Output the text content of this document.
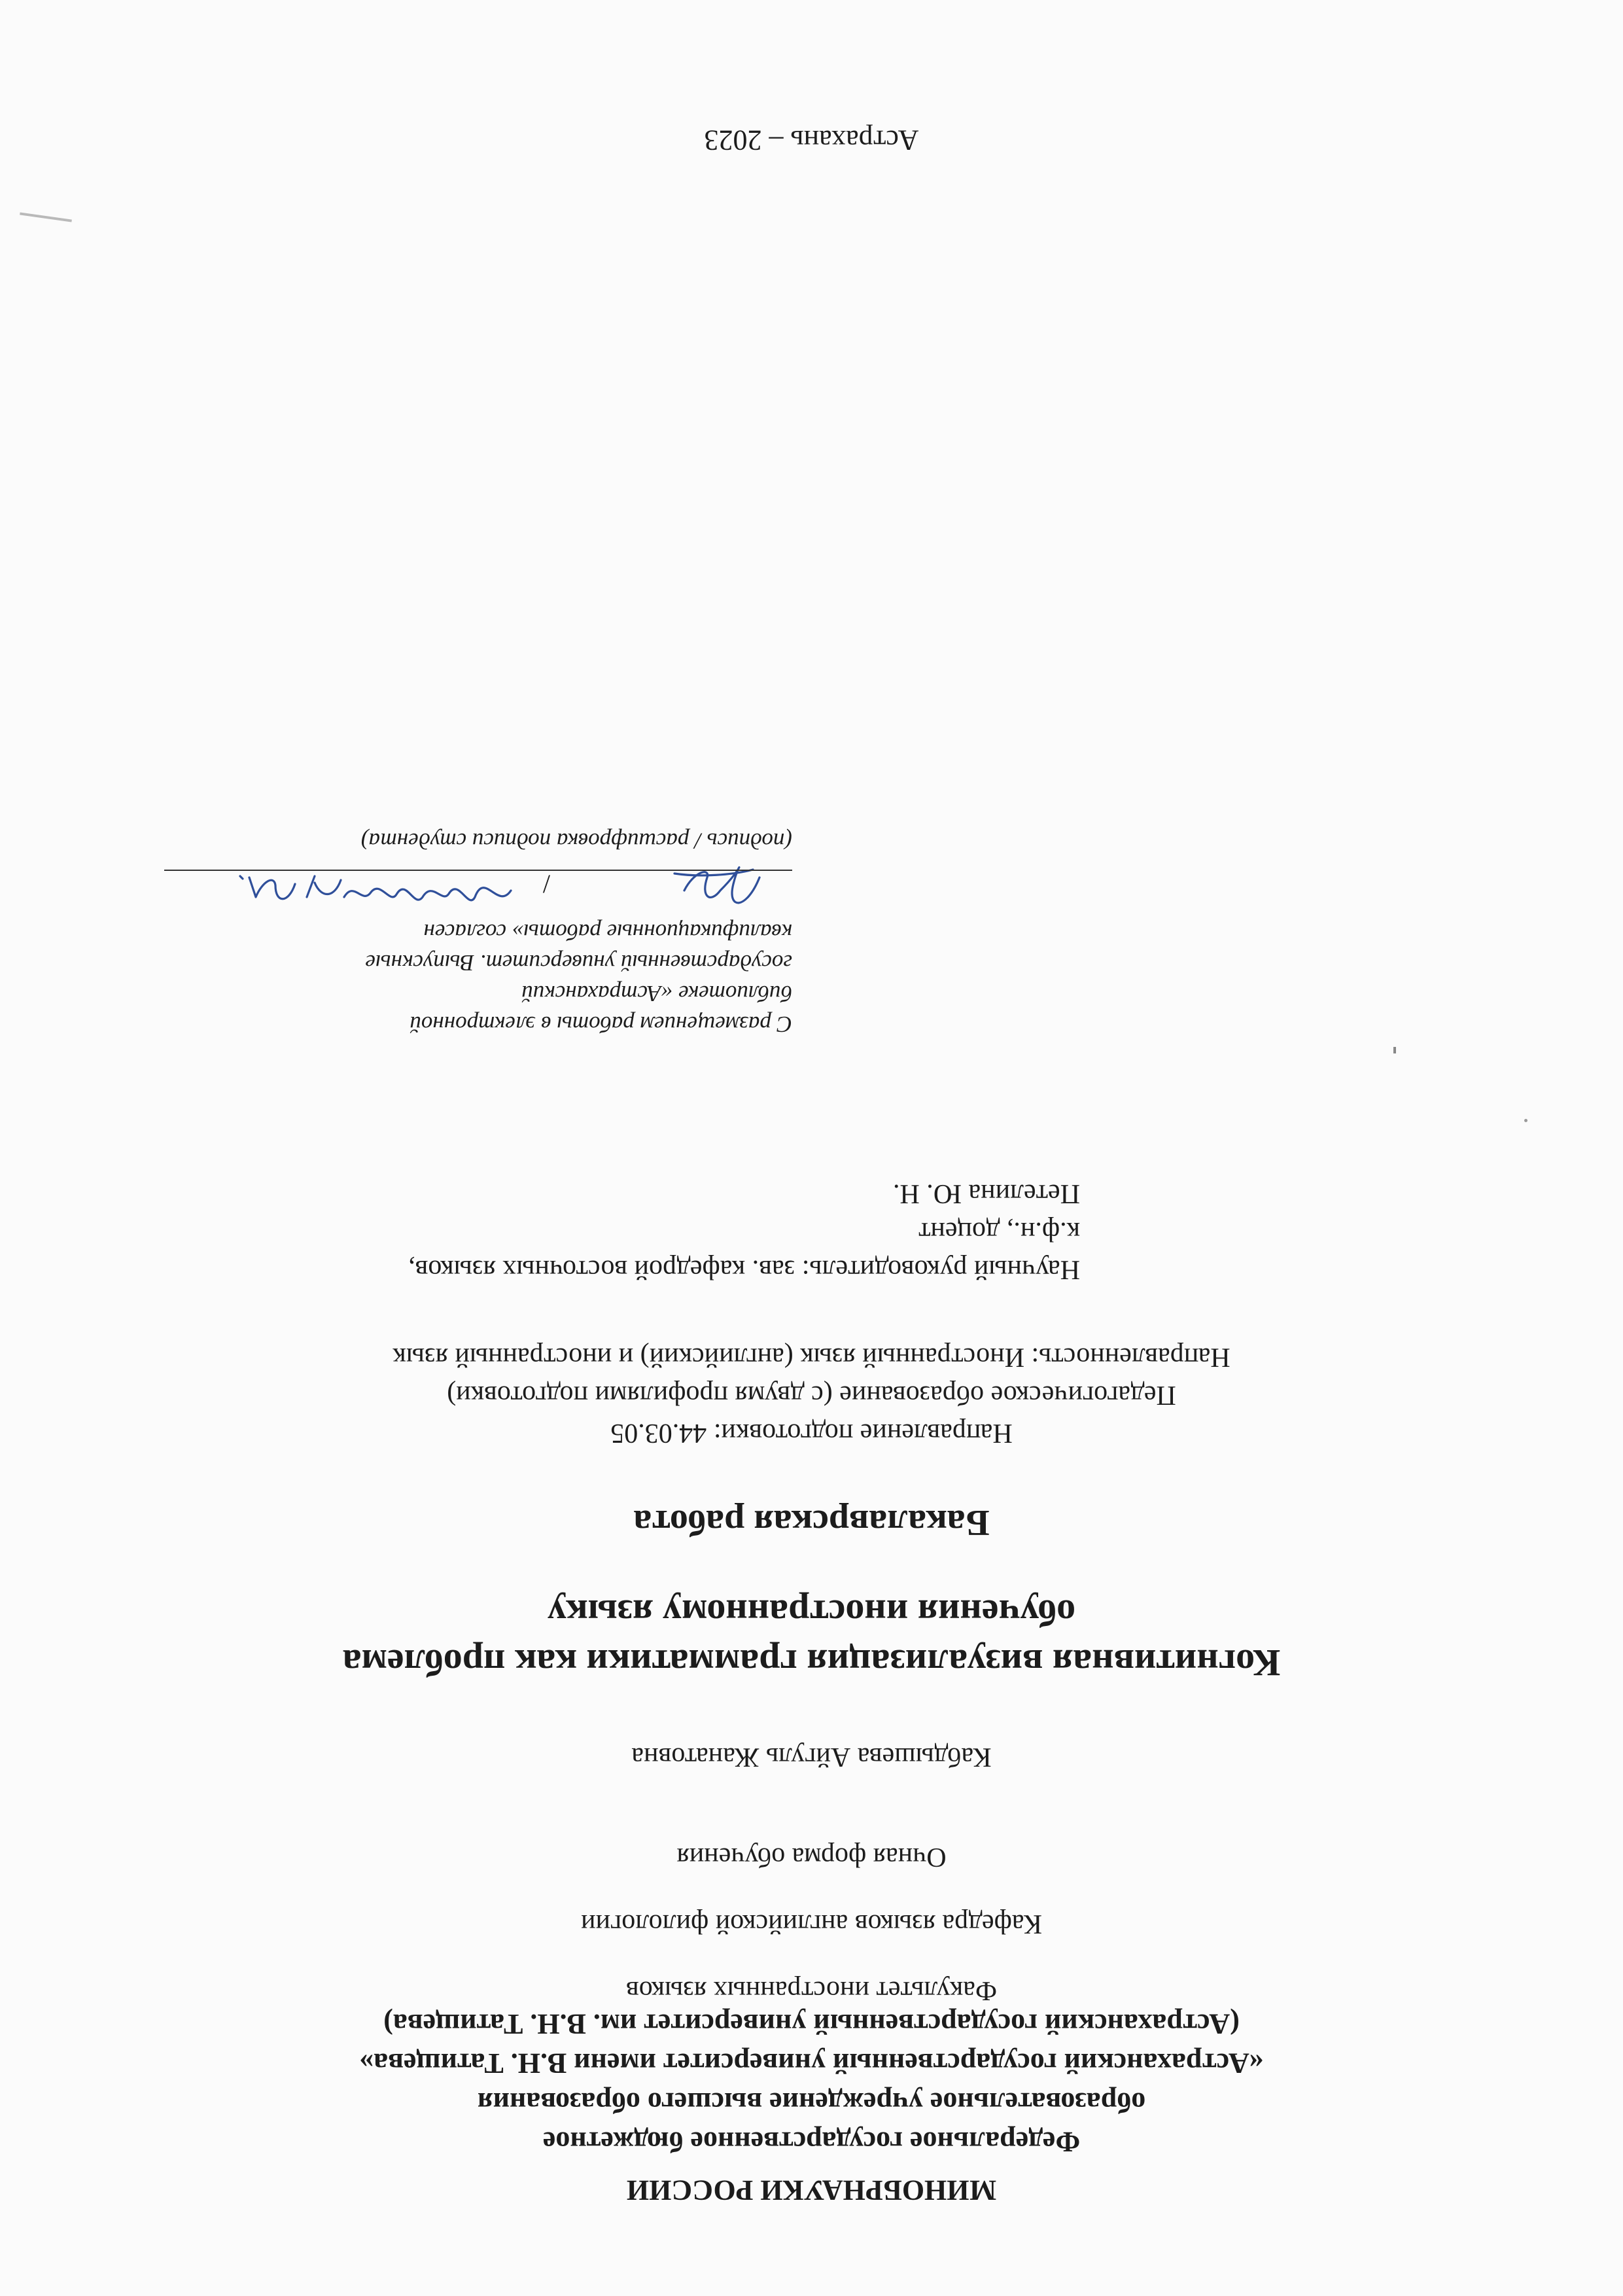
МИНОБРНАУКИ РОССИИ
Федеральное государственное бюджетное
образовательное учреждение высшего образования
«Астраханский государственный университет имени В.Н. Татищева»
(Астраханский государственный университет им. В.Н. Татищева)
Факультет иностранных языков
Кафедра языков английской филологии
Очная форма обучения
Кабдышева Айгуль Жанатовна
Когнитивная визуализация грамматики как проблема
обучения иностранному языку
Бакалаврская работа
Направление подготовки: 44.03.05
Педагогическое образование (с двумя профилями подготовки)
Направленность: Иностранный язык (английский) и иностранный язык
Научный руководитель: зав. кафедрой восточных языков,
к.ф.н., доцент
Петелина Ю. Н.
С размещением работы в электронной
библиотеке «Астраханский
государственный университет. Выпускные
квалификационные работы» согласен
/
(подпись / расшифровка подписи студента)
Астрахань – 2023
